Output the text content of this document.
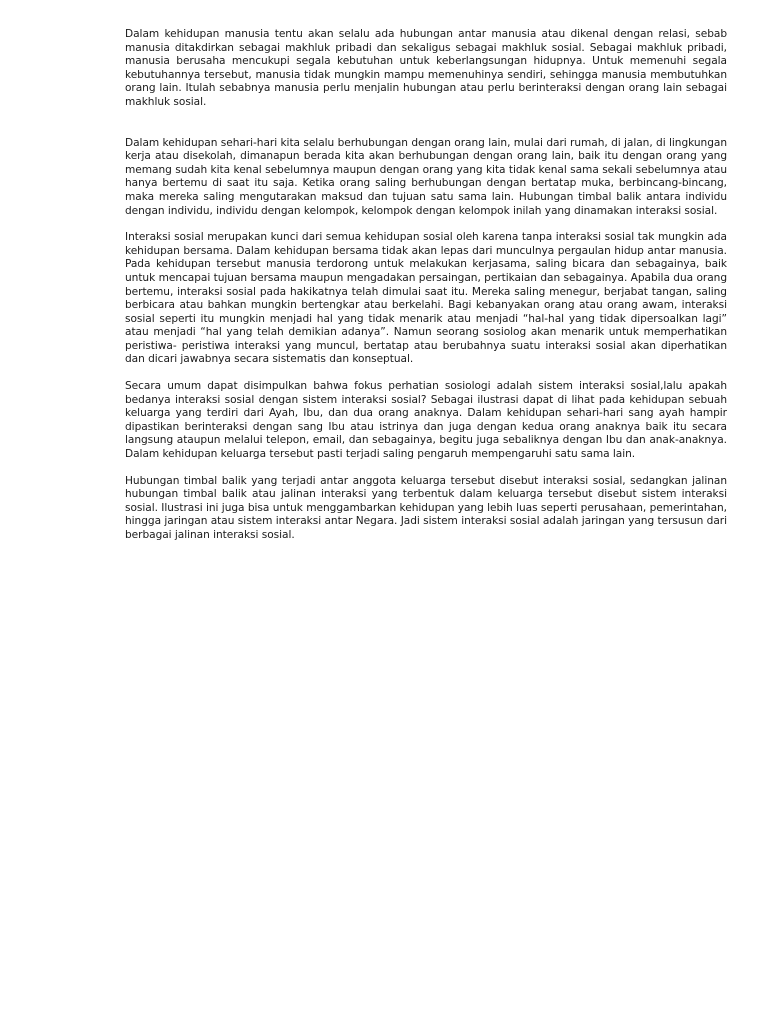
Dalam kehidupan manusia tentu akan selalu ada hubungan antar manusia atau dikenal dengan relasi, sebab manusia ditakdirkan sebagai makhluk pribadi dan sekaligus sebagai makhluk sosial. Sebagai makhluk pribadi, manusia berusaha mencukupi segala kebutuhan untuk keberlangsungan hidupnya. Untuk memenuhi segala kebutuhannya tersebut, manusia tidak mungkin mampu memenuhinya sendiri, sehingga manusia membutuhkan orang lain. Itulah sebabnya manusia perlu menjalin hubungan atau perlu berinteraksi dengan orang lain sebagai makhluk sosial.

Dalam kehidupan sehari-hari kita selalu berhubungan dengan orang lain, mulai dari rumah, di jalan, di lingkungan kerja atau disekolah, dimanapun berada kita akan berhubungan dengan orang lain, baik itu dengan orang yang memang sudah kita kenal sebelumnya maupun dengan orang yang kita tidak kenal sama sekali sebelumnya atau hanya bertemu di saat itu saja. Ketika orang saling berhubungan dengan bertatap muka, berbincang-bincang, maka mereka saling mengutarakan maksud dan tujuan satu sama lain. Hubungan timbal balik antara individu dengan individu, individu dengan kelompok, kelompok dengan kelompok inilah yang dinamakan interaksi sosial.

Interaksi sosial merupakan kunci dari semua kehidupan sosial oleh karena tanpa interaksi sosial tak mungkin ada kehidupan bersama. Dalam kehidupan bersama tidak akan lepas dari munculnya pergaulan hidup antar manusia. Pada kehidupan tersebut manusia terdorong untuk melakukan kerjasama, saling bicara dan sebagainya, baik untuk mencapai tujuan bersama maupun mengadakan persaingan, pertikaian dan sebagainya. Apabila dua orang bertemu, interaksi sosial pada hakikatnya telah dimulai saat itu. Mereka saling menegur, berjabat tangan, saling berbicara atau bahkan mungkin bertengkar atau berkelahi. Bagi kebanyakan orang atau orang awam, interaksi sosial seperti itu mungkin menjadi hal yang tidak menarik atau menjadi “hal-hal yang tidak dipersoalkan lagi” atau menjadi “hal yang telah demikian adanya”. Namun seorang sosiolog akan menarik untuk memperhatikan peristiwa- peristiwa interaksi yang muncul, bertatap atau berubahnya suatu interaksi sosial akan diperhatikan dan dicari jawabnya secara sistematis dan konseptual.

Secara umum dapat disimpulkan bahwa fokus perhatian sosiologi adalah sistem interaksi sosial,lalu apakah bedanya interaksi sosial dengan sistem interaksi sosial? Sebagai ilustrasi dapat di lihat pada kehidupan sebuah keluarga yang terdiri dari Ayah, Ibu, dan dua orang anaknya. Dalam kehidupan sehari-hari sang ayah hampir dipastikan berinteraksi dengan sang Ibu atau istrinya dan juga dengan kedua orang anaknya baik itu secara langsung ataupun melalui telepon, email, dan sebagainya, begitu juga sebaliknya dengan Ibu dan anak-anaknya. Dalam kehidupan keluarga tersebut pasti terjadi saling pengaruh mempengaruhi satu sama lain.

Hubungan timbal balik yang terjadi antar anggota keluarga tersebut disebut interaksi sosial, sedangkan jalinan hubungan timbal balik atau jalinan interaksi yang terbentuk dalam keluarga tersebut disebut sistem interaksi sosial. Ilustrasi ini juga bisa untuk menggambarkan kehidupan yang lebih luas seperti perusahaan, pemerintahan, hingga jaringan atau sistem interaksi antar Negara. Jadi sistem interaksi sosial adalah jaringan yang tersusun dari berbagai jalinan interaksi sosial.
